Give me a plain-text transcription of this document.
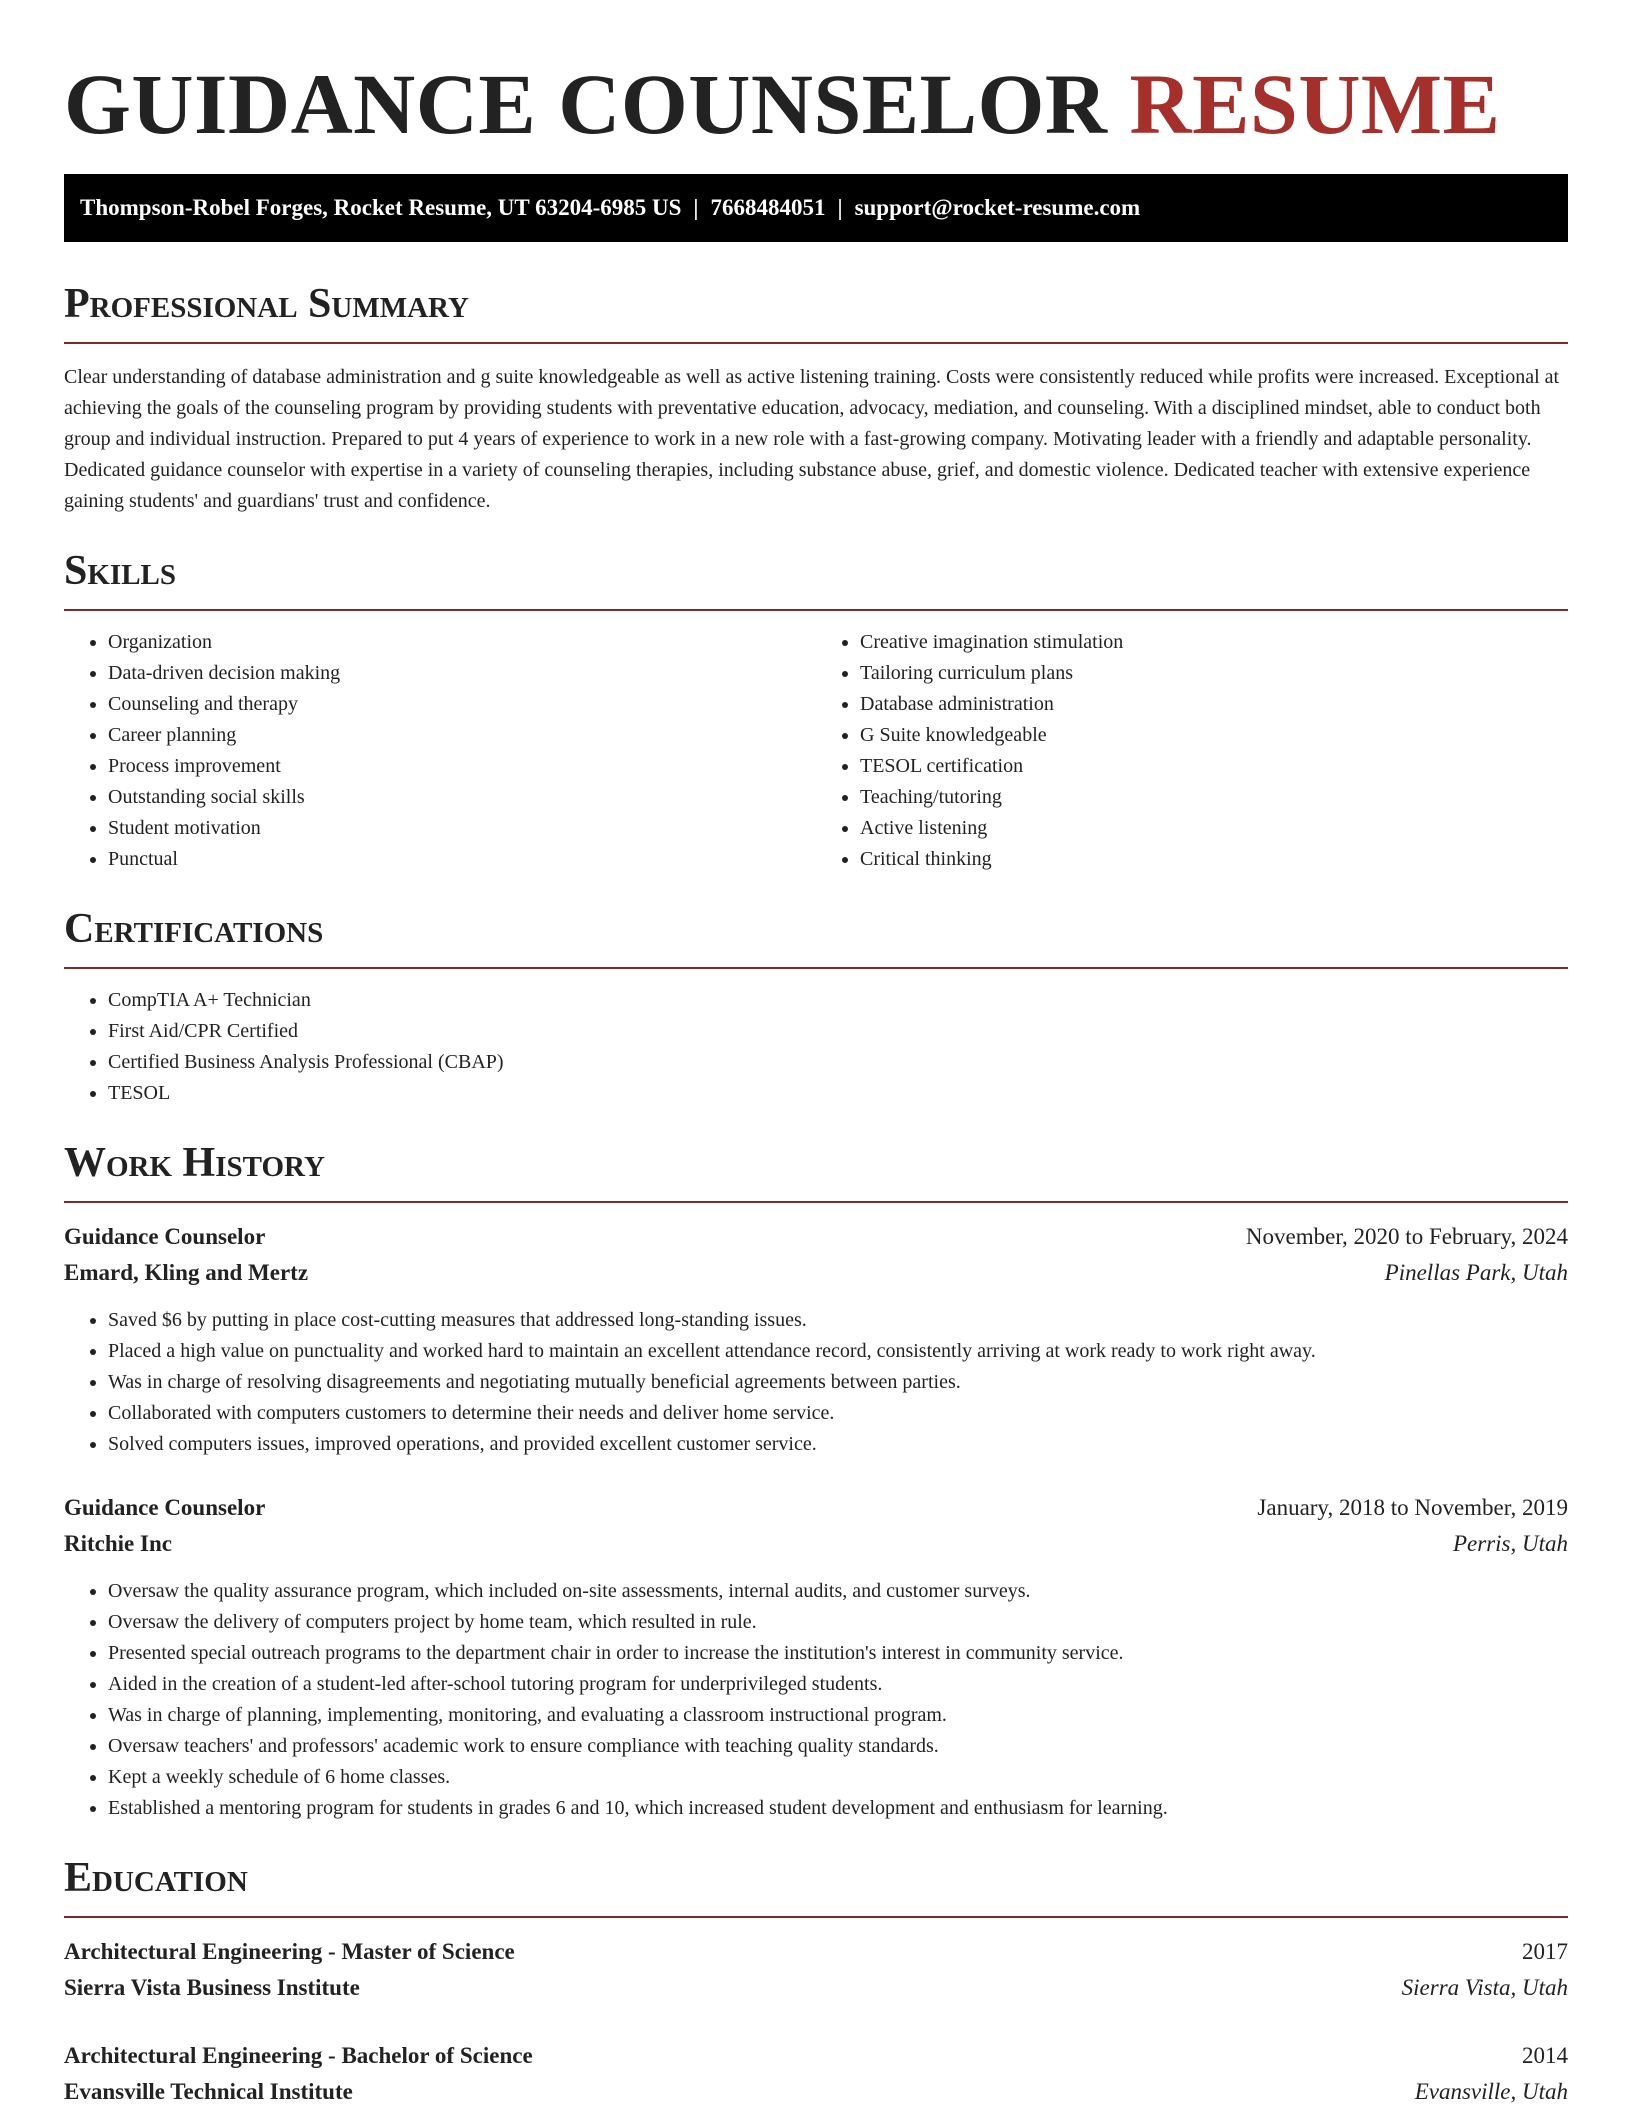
GUIDANCE COUNSELOR RESUME
Thompson-Robel Forges, Rocket Resume, UT 63204-6985 US | 7668484051 | support@rocket-resume.com
Professional Summary

Clear understanding of database administration and g suite knowledgeable as well as active listening training. Costs were consistently reduced while profits were increased. Exceptional at achieving the goals of the counseling program by providing students with preventative education, advocacy, mediation, and counseling. With a disciplined mindset, able to conduct both group and individual instruction. Prepared to put 4 years of experience to work in a new role with a fast-growing company. Motivating leader with a friendly and adaptable personality. Dedicated guidance counselor with expertise in a variety of counseling therapies, including substance abuse, grief, and domestic violence. Dedicated teacher with extensive experience gaining students' and guardians' trust and confidence.

Skills
• Organization
• Data-driven decision making
• Counseling and therapy
• Career planning
• Process improvement
• Outstanding social skills
• Student motivation
• Punctual
• Creative imagination stimulation
• Tailoring curriculum plans
• Database administration
• G Suite knowledgeable
• TESOL certification
• Teaching/tutoring
• Active listening
• Critical thinking
Certifications
• CompTIA A+ Technician
• First Aid/CPR Certified
• Certified Business Analysis Professional (CBAP)
• TESOL
Work History
Guidance Counselor	November, 2020 to February, 2024
Emard, Kling and Mertz	Pinellas Park, Utah
• Saved $6 by putting in place cost-cutting measures that addressed long-standing issues.
• Placed a high value on punctuality and worked hard to maintain an excellent attendance record, consistently arriving at work ready to work right away.
• Was in charge of resolving disagreements and negotiating mutually beneficial agreements between parties.
• Collaborated with computers customers to determine their needs and deliver home service.
• Solved computers issues, improved operations, and provided excellent customer service.
Guidance Counselor	January, 2018 to November, 2019
Ritchie Inc	Perris, Utah
• Oversaw the quality assurance program, which included on-site assessments, internal audits, and customer surveys.
• Oversaw the delivery of computers project by home team, which resulted in rule.
• Presented special outreach programs to the department chair in order to increase the institution's interest in community service.
• Aided in the creation of a student-led after-school tutoring program for underprivileged students.
• Was in charge of planning, implementing, monitoring, and evaluating a classroom instructional program.
• Oversaw teachers' and professors' academic work to ensure compliance with teaching quality standards.
• Kept a weekly schedule of 6 home classes.
• Established a mentoring program for students in grades 6 and 10, which increased student development and enthusiasm for learning.
Education
Architectural Engineering - Master of Science	2017
Sierra Vista Business Institute	Sierra Vista, Utah
Architectural Engineering - Bachelor of Science	2014
Evansville Technical Institute	Evansville, Utah
